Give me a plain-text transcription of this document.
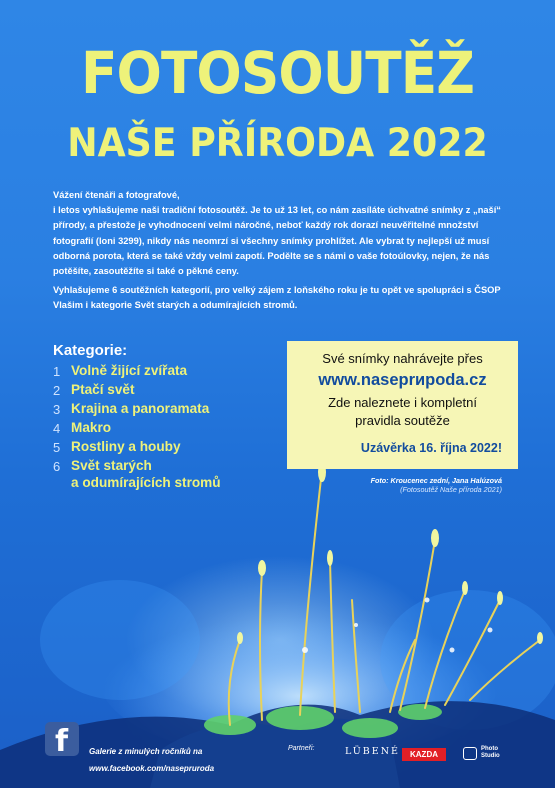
FOTOSOUTĚŽ
NAŠE PŘÍRODA 2022

Vážení čtenáři a fotografové,

i letos vyhlašujeme naši tradiční fotosoutěž. Je to už 13 let, co nám zasíláte úchvatné snímky z „naší“ přírody, a přestože je vyhodnocení velmi náročné, neboť každý rok dorazí neuvěřitelné množství fotografií (loni 3299), nikdy nás neomrzí si všechny snímky prohlížet. Ale vybrat ty nejlepší už musí odborná porota, která se také vždy velmi zapotí. Podělte se s námi o vaše fotoúlovky, nejen, že nás potěšíte, zasoutěžíte si také o pěkné ceny.

Vyhlašujeme 6 soutěžních kategorií, pro velký zájem z loňského roku je tu opět ve spolupráci s ČSOP Vlašim i kategorie Svět starých a odumírajících stromů.

Kategorie:
1 Volně žijící zvířata
2 Ptačí svět
3 Krajina a panoramata
4 Makro
5 Rostliny a houby
6 Svět starých
a odumírajících stromů
Své snímky nahrávejte přes
www.naseprироda.cz
Zde naleznete i kompletní
pravidla soutěže
Uzávěrka 16. října 2022!
Foto: Kroucenec zední, Jana Halúzová
(Fotosoutěž Naše příroda 2021)
f	Galerie z minulých ročníků na
www.facebook.com/naseprиroda
Partneři:	LÜBENÉ	KAZDA
Photo
Studio
